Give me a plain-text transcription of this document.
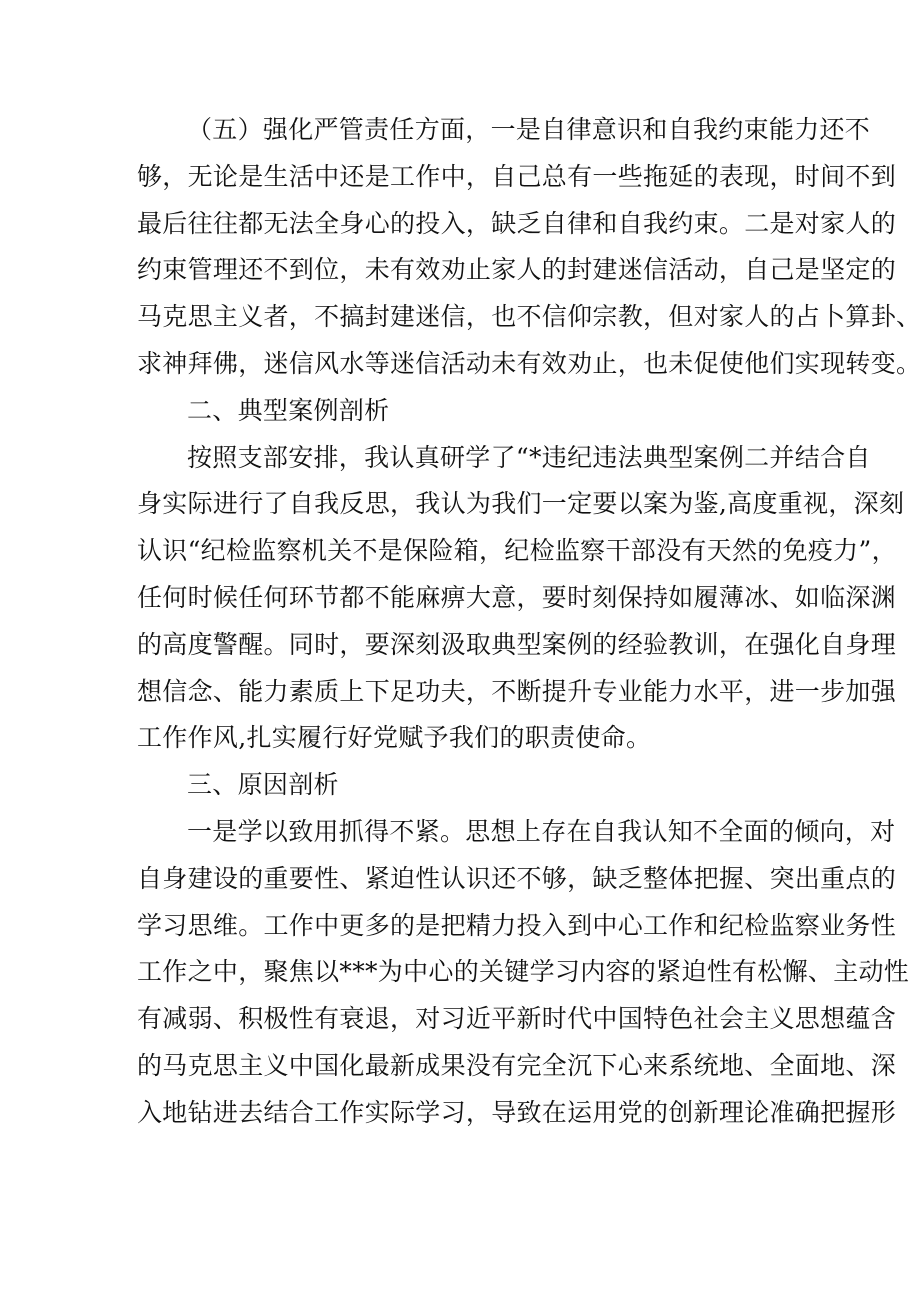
（五）强化严管责任方面，一是自律意识和自我约束能力还不
够，无论是生活中还是工作中，自己总有一些拖延的表现，时间不到
最后往往都无法全身心的投入，缺乏自律和自我约束。二是对家人的
约束管理还不到位，未有效劝止家人的封建迷信活动，自己是坚定的
马克思主义者，不搞封建迷信，也不信仰宗教，但对家人的占卜算卦、
求神拜佛，迷信风水等迷信活动未有效劝止，也未促使他们实现转变。
二、典型案例剖析
按照支部安排，我认真研学了“*违纪违法典型案例二并结合自
身实际进行了自我反思，我认为我们一定要以案为鉴,高度重视，深刻
认识“纪检监察机关不是保险箱，纪检监察干部没有天然的免疫力”，
任何时候任何环节都不能麻痹大意，要时刻保持如履薄冰、如临深渊
的高度警醒。同时，要深刻汲取典型案例的经验教训，在强化自身理
想信念、能力素质上下足功夫，不断提升专业能力水平，进一步加强
工作作风,扎实履行好党赋予我们的职责使命。
三、原因剖析
一是学以致用抓得不紧。思想上存在自我认知不全面的倾向，对
自身建设的重要性、紧迫性认识还不够，缺乏整体把握、突出重点的
学习思维。工作中更多的是把精力投入到中心工作和纪检监察业务性
工作之中，聚焦以***为中心的关键学习内容的紧迫性有松懈、主动性
有减弱、积极性有衰退，对习近平新时代中国特色社会主义思想蕴含
的马克思主义中国化最新成果没有完全沉下心来系统地、全面地、深
入地钻进去结合工作实际学习，导致在运用党的创新理论准确把握形
